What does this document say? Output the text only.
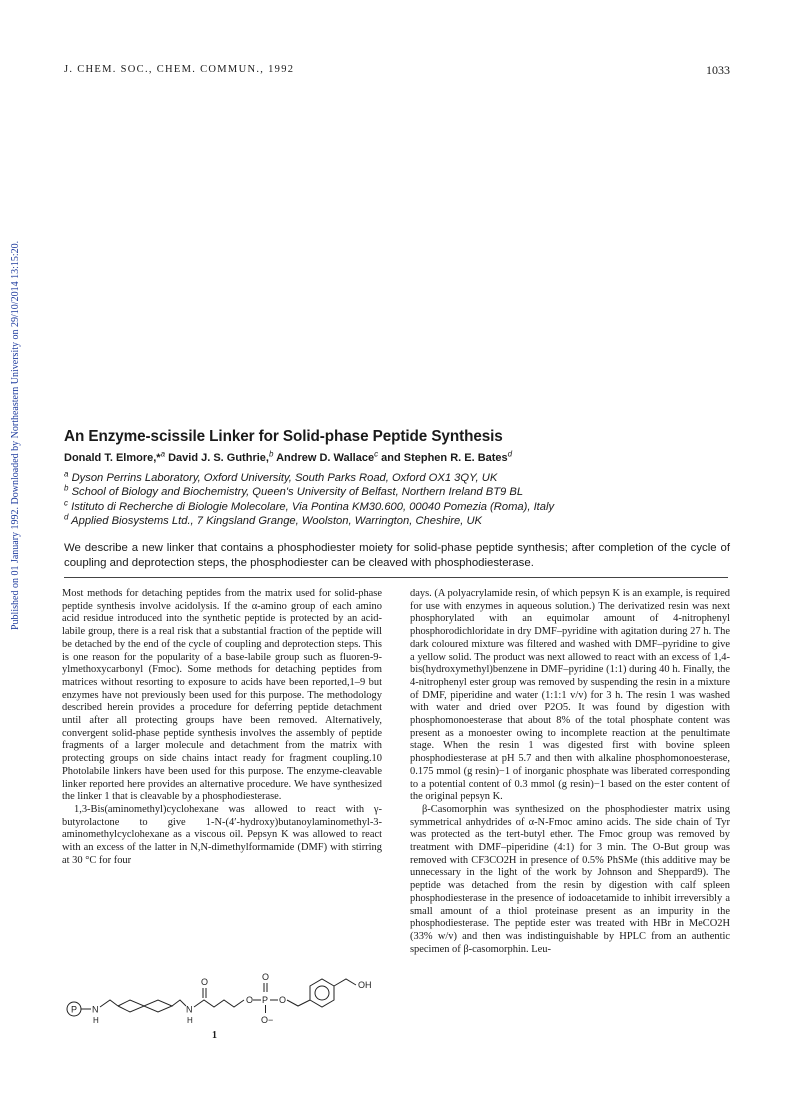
J. CHEM. SOC., CHEM. COMMUN., 1992	1033
Published on 01 January 1992. Downloaded by Northeastern University on 29/10/2014 13:15:20.	An Enzyme-scissile Linker for Solid-phase Peptide Synthesis
Donald T. Elmore,*$^a$ David J. S. Guthrie,$^b$ Andrew D. Wallace$^c$ and Stephen R. E. Bates$^d$
$^a$ Dyson Perrins Laboratory, Oxford University, South Parks Road, Oxford OX1 3QY, UK
$^b$ School of Biology and Biochemistry, Queen's University of Belfast, Northern Ireland BT9 BL
$^c$ Istituto di Recherche di Biologie Molecolare, Via Pontina KM30.600, 00040 Pomezia (Roma), Italy
$^d$ Applied Biosystems Ltd., 7 Kingsland Grange, Woolston, Warrington, Cheshire, UK
We describe a new linker that contains a phosphodiester moiety for solid-phase peptide synthesis; after completion of the cycle of coupling and deprotection steps, the phosphodiester can be cleaved with phosphodiesterase.

Most methods for detaching peptides from the matrix used for solid-phase peptide synthesis involve acidolysis. If the α-amino group of each amino acid residue introduced into the synthetic peptide is protected by an acid-labile group, there is a real risk that a substantial fraction of the peptide will be detached by the end of the cycle of coupling and deprotection steps. This is one reason for the popularity of a base-labile group such as fluoren-9-ylmethoxycarbonyl (Fmoc). Some methods for detaching peptides from matrices without resorting to exposure to acids have been reported,1–9 but enzymes have not previously been used for this purpose. The methodology described herein provides a procedure for deferring peptide detachment until after all protecting groups have been removed. Alternatively, convergent solid-phase peptide synthesis involves the assembly of peptide fragments of a larger molecule and detachment from the matrix with protecting groups on side chains intact ready for fragment coupling.10 Photolabile linkers have been used for this purpose. The enzyme-cleavable linker reported here provides an alternative procedure. We have synthesized the linker 1 that is cleavable by a phosphodiesterase.

1,3-Bis(aminomethyl)cyclohexane was allowed to react with γ-butyrolactone to give 1-N-(4′-hydroxy)butanoylaminomethyl-3-aminomethylcyclohexane as a viscous oil. Pepsyn K was allowed to react with an excess of the latter in N,N-dimethylformamide (DMF) with stirring at 30 °C for four

days. (A polyacrylamide resin, of which pepsyn K is an example, is required for use with enzymes in aqueous solution.) The derivatized resin was next phosphorylated with an equimolar amount of 4-nitrophenyl phosphorodichloridate in dry DMF–pyridine with agitation during 27 h. The dark coloured mixture was filtered and washed with DMF–pyridine to give a yellow solid. The product was next allowed to react with an excess of 1,4-bis(hydroxymethyl)benzene in DMF–pyridine (1:1) during 40 h. Finally, the 4-nitrophenyl ester group was removed by suspending the resin in a mixture of DMF, piperidine and water (1:1:1 v/v) for 3 h. The resin 1 was washed with water and dried over P2O5. It was found by digestion with phosphomonoesterase that about 8% of the total phosphate content was present as a monoester owing to incomplete reaction at the penultimate stage. When the resin 1 was digested first with bovine spleen phosphodiesterase at pH 5.7 and then with alkaline phosphomonoesterase, 0.175 mmol (g resin)−1 of inorganic phosphate was liberated corresponding to a potential content of 0.3 mmol (g resin)−1 based on the ester content of the original pepsyn K.

β-Casomorphin was synthesized on the phosphodiester matrix using symmetrical anhydrides of α-N-Fmoc amino acids. The side chain of Tyr was protected as the tert-butyl ether. The Fmoc group was removed by treatment with DMF–piperidine (4:1) for 3 min. The O-But group was removed with CF3CO2H in presence of 0.5% PhSMe (this additive may be unnecessary in the light of the work by Johnson and Sheppard9). The peptide was detached from the resin by digestion with calf spleen phosphodiesterase in the presence of iodoacetamide to inhibit irreversibly a small amount of a thiol proteinase present as an impurity in the phosphodiesterase. The peptide ester was treated with HBr in MeCO2H (33% w/v) and then was indistinguishable by HPLC from an authentic specimen of β-casomorphin. Leu-

P N
H
N
H
O
O P
O
O−
O
OH
1
